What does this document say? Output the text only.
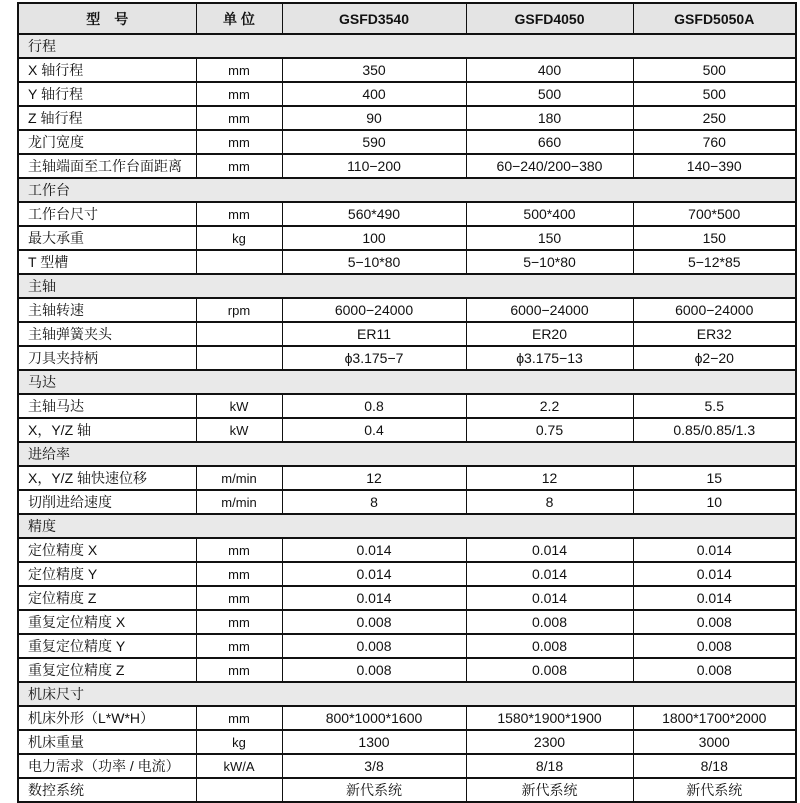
型　号	单 位	GSFD3540	GSFD4050	GSFD5050A
行程				
X 轴行程	mm	350	400	500
Y 轴行程	mm	400	500	500
Z 轴行程	mm	90	180	250
龙门宽度	mm	590	660	760
主轴端面至工作台面距离	mm	110−200	60−240/200−380	140−390
工作台				
工作台尺寸	mm	560*490	500*400	700*500
最大承重	kg	100	150	150
T 型槽		5−10*80	5−10*80	5−12*85
主轴				
主轴转速	rpm	6000−24000	6000−24000	6000−24000
主轴弹簧夹头		ER11	ER20	ER32
刀具夹持柄		ϕ3.175−7	ϕ3.175−13	ϕ2−20
马达				
主轴马达	kW	0.8	2.2	5.5
X，Y/Z 轴	kW	0.4	0.75	0.85/0.85/1.3
进给率				
X，Y/Z 轴快速位移	m/min	12	12	15
切削进给速度	m/min	8	8	10
精度				
定位精度 X	mm	0.014	0.014	0.014
定位精度 Y	mm	0.014	0.014	0.014
定位精度 Z	mm	0.014	0.014	0.014
重复定位精度 X	mm	0.008	0.008	0.008
重复定位精度 Y	mm	0.008	0.008	0.008
重复定位精度 Z	mm	0.008	0.008	0.008
机床尺寸				
机床外形（L*W*H）	mm	800*1000*1600	1580*1900*1900	1800*1700*2000
机床重量	kg	1300	2300	3000
电力需求（功率 / 电流）	kW/A	3/8	8/18	8/18
数控系统		新代系统	新代系统	新代系统
